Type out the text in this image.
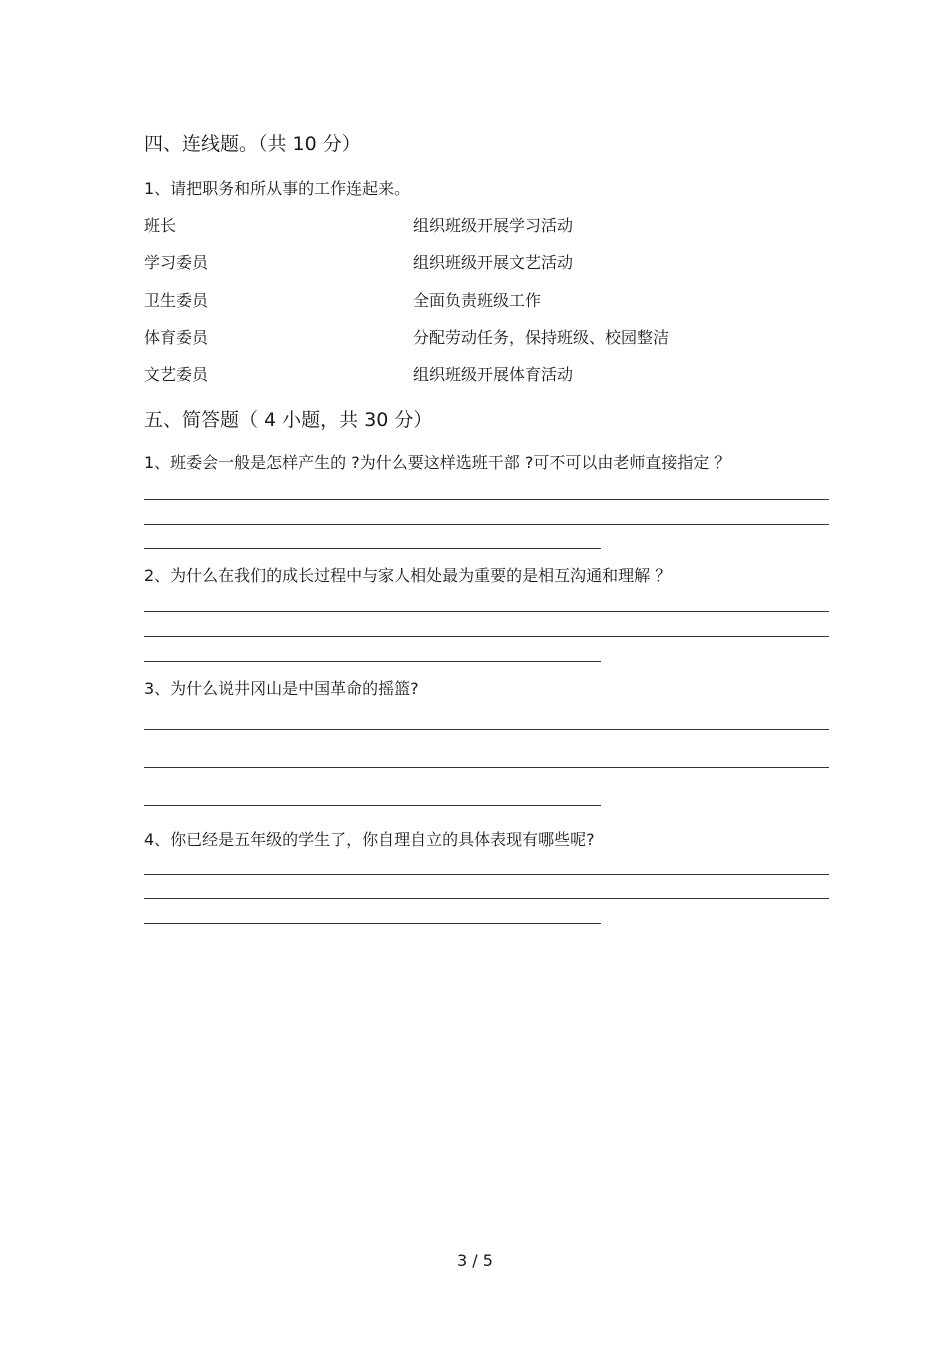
四、连线题。（共 10 分）
1、请把职务和所从事的工作连起来。
班长	组织班级开展学习活动
学习委员	组织班级开展文艺活动
卫生委员	全面负责班级工作
体育委员	分配劳动任务，保持班级、校园整洁
文艺委员	组织班级开展体育活动
五、简答题（ 4 小题，共 30 分）
1、班委会一般是怎样产生的 ?为什么要这样选班干部 ?可不可以由老师直接指定 ？
2、为什么在我们的成长过程中与家人相处最为重要的是相互沟通和理解 ？
3、为什么说井冈山是中国革命的摇篮?
4、你已经是五年级的学生了，你自理自立的具体表现有哪些呢?
3 / 5
